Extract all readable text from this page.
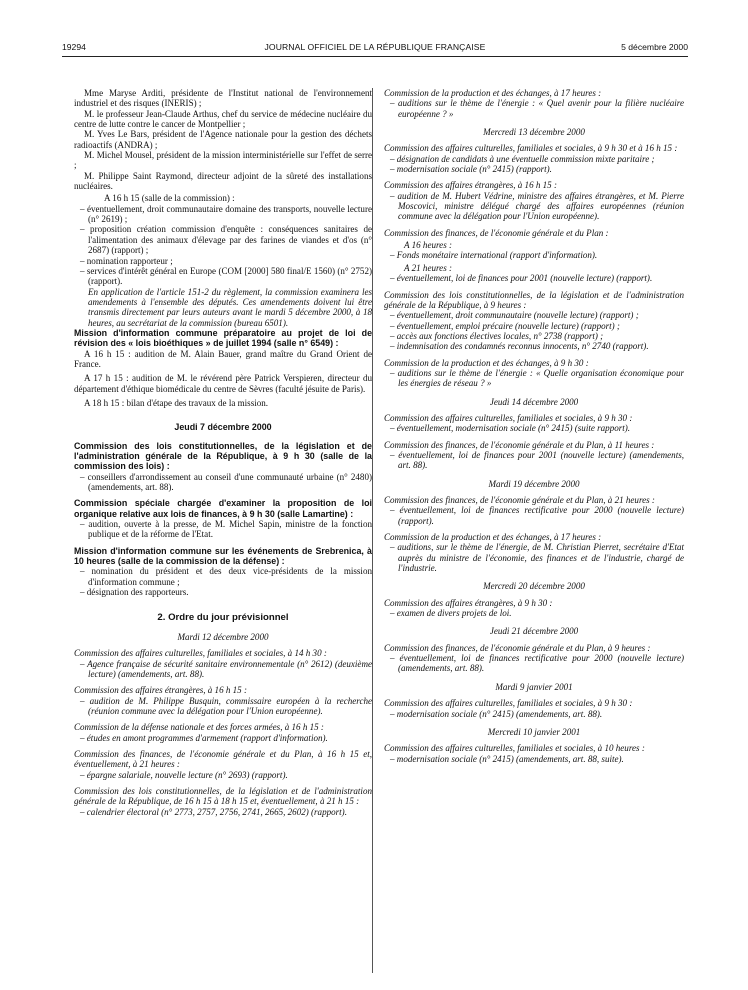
19294	JOURNAL OFFICIEL DE LA RÉPUBLIQUE FRANÇAISE	5 décembre 2000

Mme Maryse Arditi, présidente de l'Institut national de l'environnement industriel et des risques (INERIS) ;

M. le professeur Jean-Claude Arthus, chef du service de médecine nucléaire du centre de lutte contre le cancer de Montpellier ;

M. Yves Le Bars, président de l'Agence nationale pour la gestion des déchets radioactifs (ANDRA) ;

M. Michel Mousel, président de la mission interministérielle sur l'effet de serre ;

M. Philippe Saint Raymond, directeur adjoint de la sûreté des installations nucléaires.

A 16 h 15 (salle de la commission) :

– éventuellement, droit communautaire domaine des transports, nouvelle lecture (n° 2619) ;

– proposition création commission d'enquête : conséquences sanitaires de l'alimentation des animaux d'élevage par des farines de viandes et d'os (n° 2687) (rapport) ;

– nomination rapporteur ;

– services d'intérêt général en Europe (COM [2000] 580 final/E 1560) (n° 2752) (rapport).

En application de l'article 151-2 du règlement, la commission examinera les amendements à l'ensemble des députés. Ces amendements doivent lui être transmis directement par leurs auteurs avant le mardi 5 décembre 2000, à 18 heures, au secrétariat de la commission (bureau 6501).

Mission d'information commune préparatoire au projet de loi de révision des « lois bioéthiques » de juillet 1994 (salle n° 6549) :

A 16 h 15 : audition de M. Alain Bauer, grand maître du Grand Orient de France.

A 17 h 15 : audition de M. le révérend père Patrick Verspieren, directeur du département d'éthique biomédicale du centre de Sèvres (faculté jésuite de Paris).

A 18 h 15 : bilan d'étape des travaux de la mission.

Jeudi 7 décembre 2000

Commission des lois constitutionnelles, de la législation et de l'administration générale de la République, à 9 h 30 (salle de la commission des lois) :

– conseillers d'arrondissement au conseil d'une communauté urbaine (n° 2480) (amendements, art. 88).

Commission spéciale chargée d'examiner la proposition de loi organique relative aux lois de finances, à 9 h 30 (salle Lamartine) :

– audition, ouverte à la presse, de M. Michel Sapin, ministre de la fonction publique et de la réforme de l'Etat.

Mission d'information commune sur les événements de Srebrenica, à 10 heures (salle de la commission de la défense) :

– nomination du président et des deux vice-présidents de la mission d'information commune ;

– désignation des rapporteurs.

2. Ordre du jour prévisionnel

Mardi 12 décembre 2000

Commission des affaires culturelles, familiales et sociales, à 14 h 30 :

– Agence française de sécurité sanitaire environnementale (n° 2612) (deuxième lecture) (amendements, art. 88).

Commission des affaires étrangères, à 16 h 15 :

– audition de M. Philippe Busquin, commissaire européen à la recherche (réunion commune avec la délégation pour l'Union européenne).

Commission de la défense nationale et des forces armées, à 16 h 15 :

– études en amont programmes d'armement (rapport d'information).

Commission des finances, de l'économie générale et du Plan, à 16 h 15 et, éventuellement, à 21 heures :

– épargne salariale, nouvelle lecture (n° 2693) (rapport).

Commission des lois constitutionnelles, de la législation et de l'administration générale de la République, de 16 h 15 à 18 h 15 et, éventuellement, à 21 h 15 :

– calendrier électoral (n° 2773, 2757, 2756, 2741, 2665, 2602) (rapport).

Commission de la production et des échanges, à 17 heures :

– auditions sur le thème de l'énergie : « Quel avenir pour la filière nucléaire européenne ? »

Mercredi 13 décembre 2000

Commission des affaires culturelles, familiales et sociales, à 9 h 30 et à 16 h 15 :

– désignation de candidats à une éventuelle commission mixte paritaire ;

– modernisation sociale (n° 2415) (rapport).

Commission des affaires étrangères, à 16 h 15 :

– audition de M. Hubert Védrine, ministre des affaires étrangères, et M. Pierre Moscovici, ministre délégué chargé des affaires européennes (réunion commune avec la délégation pour l'Union européenne).

Commission des finances, de l'économie générale et du Plan :

A 16 heures :

– Fonds monétaire international (rapport d'information).

A 21 heures :

– éventuellement, loi de finances pour 2001 (nouvelle lecture) (rapport).

Commission des lois constitutionnelles, de la législation et de l'administration générale de la République, à 9 heures :

– éventuellement, droit communautaire (nouvelle lecture) (rapport) ;

– éventuellement, emploi précaire (nouvelle lecture) (rapport) ;

– accès aux fonctions électives locales, n° 2738 (rapport) ;

– indemnisation des condamnés reconnus innocents, n° 2740 (rapport).

Commission de la production et des échanges, à 9 h 30 :

– auditions sur le thème de l'énergie : « Quelle organisation économique pour les énergies de réseau ? »

Jeudi 14 décembre 2000

Commission des affaires culturelles, familiales et sociales, à 9 h 30 :

– éventuellement, modernisation sociale (n° 2415) (suite rapport).

Commission des finances, de l'économie générale et du Plan, à 11 heures :

– éventuellement, loi de finances pour 2001 (nouvelle lecture) (amendements, art. 88).

Mardi 19 décembre 2000

Commission des finances, de l'économie générale et du Plan, à 21 heures :

– éventuellement, loi de finances rectificative pour 2000 (nouvelle lecture) (rapport).

Commission de la production et des échanges, à 17 heures :

– auditions, sur le thème de l'énergie, de M. Christian Pierret, secrétaire d'Etat auprès du ministre de l'économie, des finances et de l'industrie, chargé de l'industrie.

Mercredi 20 décembre 2000

Commission des affaires étrangères, à 9 h 30 :

– examen de divers projets de loi.

Jeudi 21 décembre 2000

Commission des finances, de l'économie générale et du Plan, à 9 heures :

– éventuellement, loi de finances rectificative pour 2000 (nouvelle lecture) (amendements, art. 88).

Mardi 9 janvier 2001

Commission des affaires culturelles, familiales et sociales, à 9 h 30 :

– modernisation sociale (n° 2415) (amendements, art. 88).

Mercredi 10 janvier 2001

Commission des affaires culturelles, familiales et sociales, à 10 heures :

– modernisation sociale (n° 2415) (amendements, art. 88, suite).
